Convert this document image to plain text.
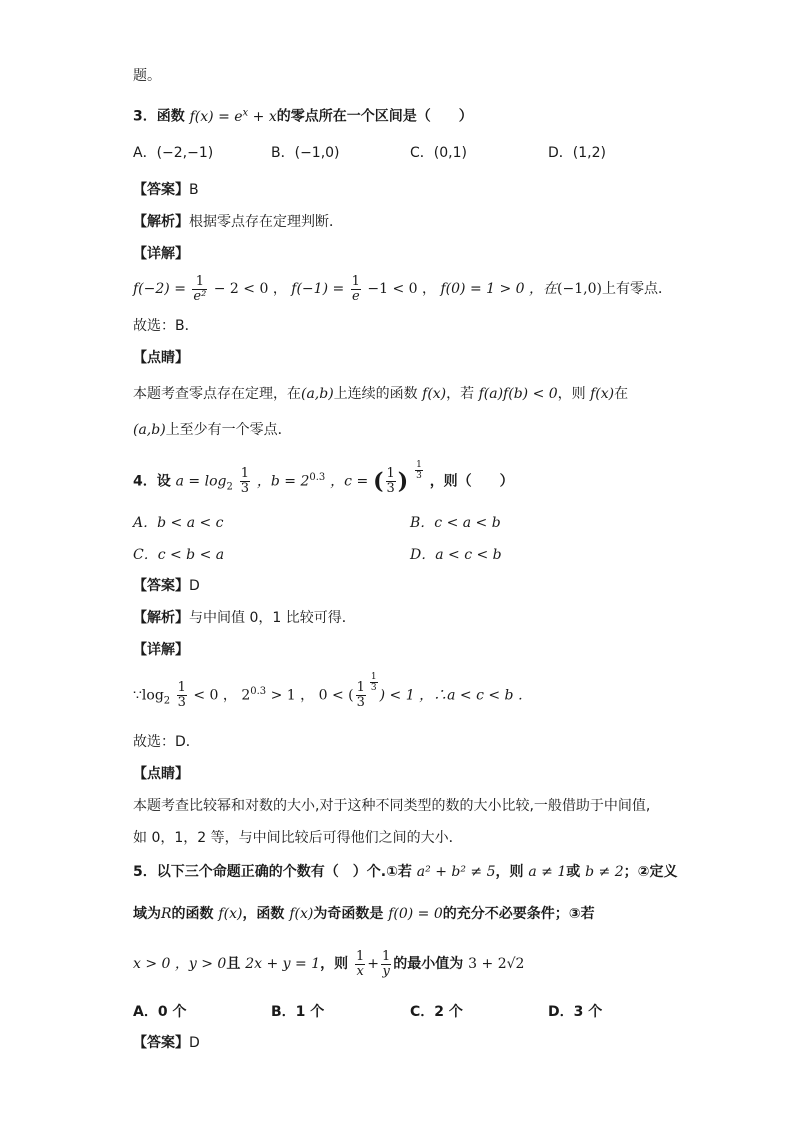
题。
3．函数 $f(x) = e^x + x$的零点所在一个区间是（　　）
A．(−2,−1)	B．(−1,0)	C．(0,1)	D．(1,2)
【答案】B
【解析】根据零点存在定理判断．
【详解】
$f(-2) = \frac{1}{\text{e²}} - 2 < 0$ ， $f(-1) = \frac{1}{e} -1 < 0$ ， f(0) = 1 > 0 ，在(−1,0)上有零点．
故选：B．
【点睛】
本题考查零点存在定理，在(a,b)上连续的函数 f(x)，若 f(a)f(b) < 0，则 f(x)在
(a,b)上至少有一个零点．
4．设 $a = \log_2 \frac{1}{3}$ ，$b = 2^{0.3}$ ，c = ( $\frac{1}{3}$ ) $\frac{1}{3}$
，则（　　）
A．b < a < c	B．c < a < b
C．c < b < a	D．a < c < b
【答案】D
【解析】与中间值 0，1 比较可得．
【详解】
$\because\log_2 \frac{1}{3} < 0$ ， $2^{0.3} > 1$ ， 0 < ( $\frac{1}{3} \frac{1}{3}$
) < 1 ，∴a < c < b ．
故选：D．
【点睛】
本题考查比较幂和对数的大小,对于这种不同类型的数的大小比较,一般借助于中间值,
如 0，1，2 等，与中间比较后可得他们之间的大小．
5．以下三个命题正确的个数有（　）个.①若 a² + b² ≠ 5，则 a ≠ 1或 b ≠ 2；②定义
域为R的函数 f(x)，函数 f(x)为奇函数是 f(0) = 0的充分不必要条件；③若
x > 0 ，y > 0且 2x + y = 1，则 $\frac{1}{x} + \frac{1}{y}$ 的最小值为 3 + 2√2
A．0 个	B．1 个	C．2 个	D．3 个
【答案】D
